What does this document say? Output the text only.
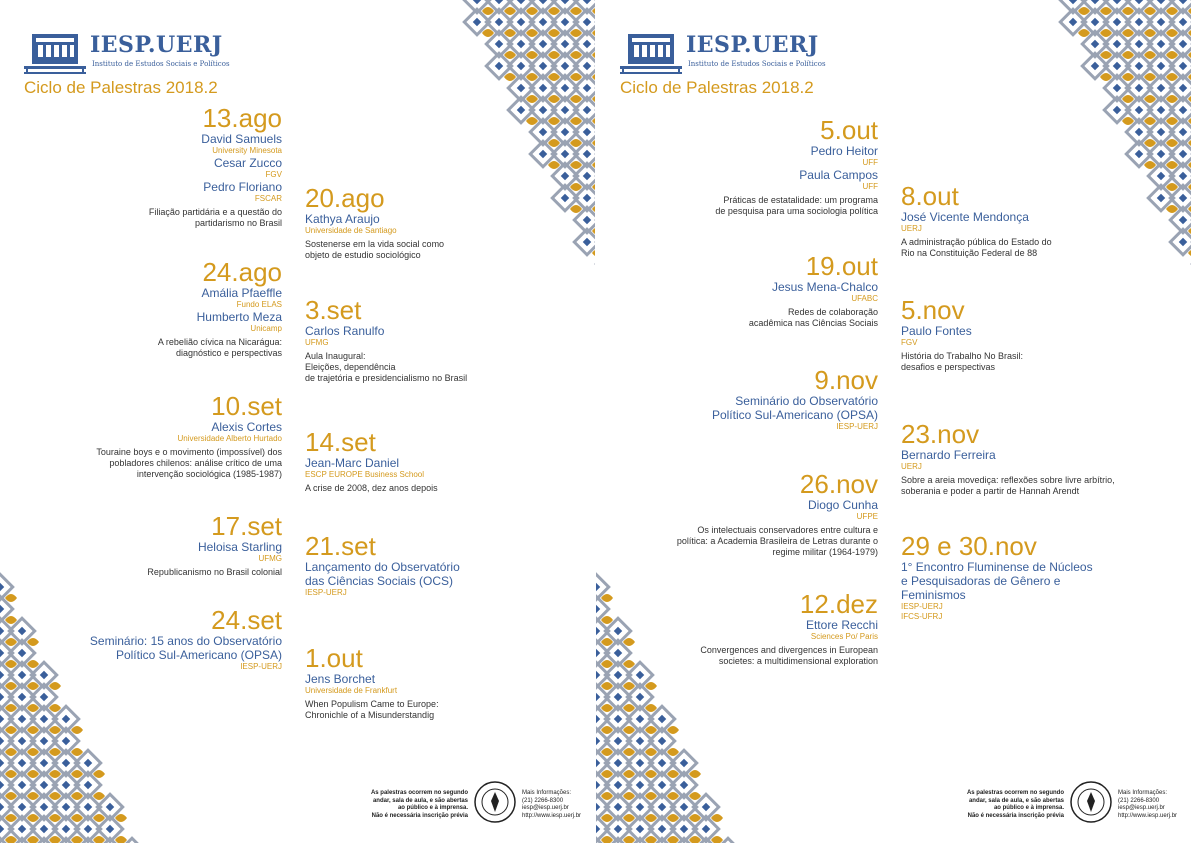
IESP.UERJ
Instituto de Estudos Sociais e Políticos
Ciclo de Palestras 2018.2
13.ago
David Samuels
University Minesota
Cesar Zucco
FGV
Pedro Floriano
FSCAR
Filiação partidária e a questão do
partidarismo no Brasil
24.ago
Amália Pfaeffle
Fundo ELAS
Humberto Meza
Unicamp
A rebelião cívica na Nicarágua:
diagnóstico e perspectivas
10.set
Alexis Cortes
Universidade Alberto Hurtado
Touraine boys e o movimento (impossível) dos
pobladores chilenos: análise crítico de uma
intervenção sociológica (1985-1987)
17.set
Heloisa Starling
UFMG
Republicanismo no Brasil colonial
24.set
Seminário: 15 anos do Observatório
Político Sul-Americano (OPSA)
IESP-UERJ
20.ago
Kathya Araujo
Universidade de Santiago
Sostenerse em la vida social como
objeto de estudio sociológico
3.set
Carlos Ranulfo
UFMG
Aula Inaugural:
Eleições, dependência
de trajetória e presidencialismo no Brasil
14.set
Jean-Marc Daniel
ESCP EUROPE Business School
A crise de 2008, dez anos depois
21.set
Lançamento do Observatório
das Ciências Sociais (OCS)
IESP-UERJ
1.out
Jens Borchet
Universidade de Frankfurt
When Populism Came to Europe:
Chronichle of a Misunderstandig
As palestras ocorrem no segundo
andar, sala de aula, e são abertas
ao público e à imprensa.
Não é necessária inscrição prévia
Mais Informações:
(21) 2266-8300
iesp@iesp.uerj.br
http://www.iesp.uerj.br
IESP.UERJ
Instituto de Estudos Sociais e Políticos
Ciclo de Palestras 2018.2
5.out
Pedro Heitor
UFF
Paula Campos
UFF
Práticas de estatalidade: um programa
de pesquisa para uma sociologia política
19.out
Jesus Mena-Chalco
UFABC
Redes de colaboração
acadêmica nas Ciências Sociais
9.nov
Seminário do Observatório
Político Sul-Americano (OPSA)
IESP-UERJ
26.nov
Diogo Cunha
UFPE
Os intelectuais conservadores entre cultura e
política: a Academia Brasileira de Letras durante o
regime militar (1964-1979)
12.dez
Ettore Recchi
Sciences Po/ Paris
Convergences and divergences in European
societes: a multidimensional exploration
8.out
José Vicente Mendonça
UERJ
A administração pública do Estado do
Rio na Constituição Federal de 88
5.nov
Paulo Fontes
FGV
História do Trabalho No Brasil:
desafios e perspectivas
23.nov
Bernardo Ferreira
UERJ
Sobre a areia movediça: reflexões sobre livre arbítrio,
soberania e poder a partir de Hannah Arendt
29 e 30.nov
1° Encontro Fluminense de Núcleos
e Pesquisadoras de Gênero e
Feminismos
IESP-UERJ
IFCS-UFRJ
As palestras ocorrem no segundo
andar, sala de aula, e são abertas
ao público e à imprensa.
Não é necessária inscrição prévia
Mais Informações:
(21) 2266-8300
iesp@iesp.uerj.br
http://www.iesp.uerj.br
